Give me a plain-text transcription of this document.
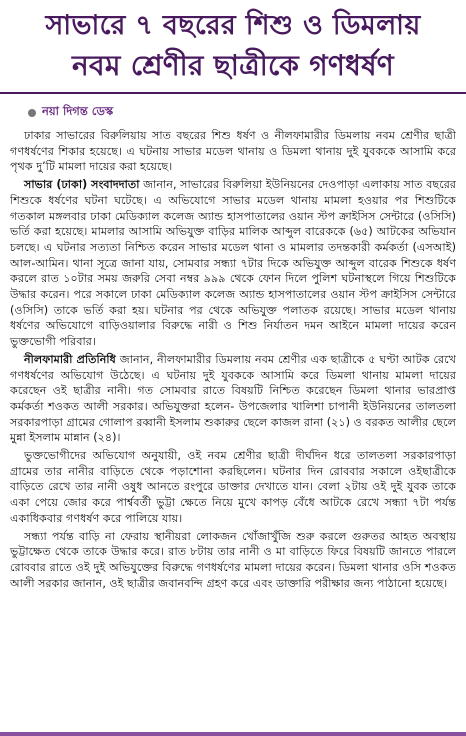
সাভারে ৭ বছরের শিশু ও ডিমলায়
নবম শ্রেণীর ছাত্রীকে গণধর্ষণ
নয়া দিগন্ত ডেস্ক

ঢাকার সাভারের বিরুলিয়ায় সাত বছরের শিশু ধর্ষণ ও নীলফামারীর ডিমলায় নবম শ্রেণীর ছাত্রী গণধর্ষণের শিকার হয়েছে। এ ঘটনায় সাভার মডেল থানায় ও ডিমলা থানায় দুই যুবককে আসামি করে পৃথক দু’টি মামলা দায়ের করা হয়েছে।

সাভার (ঢাকা) সংবাদদাতা জানান, সাভারের বিরুলিয়া ইউনিয়নের দেওপাড়া এলাকায় সাত বছরের শিশুকে ধর্ষণের ঘটনা ঘটেছে। এ অভিযোগে সাভার মডেল থানায় মামলা হওয়ার পর শিশুটিকে গতকাল মঙ্গলবার ঢাকা মেডিক্যাল কলেজ অ্যান্ড হাসপাতালের ওয়ান স্টপ ক্রাইসিস সেন্টারে (ওসিসি) ভর্তি করা হয়েছে। মামলার আসামি অভিযুক্ত বাড়ির মালিক আব্দুল বারেককে (৬৫) আটকের অভিযান চলছে। এ ঘটনার সত্যতা নিশ্চিত করেন সাভার মডেল থানা ও মামলার তদন্তকারী কর্মকর্তা (এসআই) আল-আমিন। থানা সূত্রে জানা যায়, সোমবার সন্ধ্যা ৭টার দিকে অভিযুক্ত আব্দুল বারেক শিশুকে ধর্ষণ করলে রাত ১০টার সময় জরুরি সেবা নম্বর ৯৯৯ থেকে ফোন দিলে পুলিশ ঘটনাস্থলে গিয়ে শিশুটিকে উদ্ধার করেন। পরে সকালে ঢাকা মেডিক্যাল কলেজ অ্যান্ড হাসপাতালের ওয়ান স্টপ ক্রাইসিস সেন্টারে (ওসিসি) তাকে ভর্তি করা হয়। ঘটনার পর থেকে অভিযুক্ত পলাতক রয়েছে। সাভার মডেল থানায় ধর্ষণের অভিযোগে বাড়িওয়ালার বিরুদ্ধে নারী ও শিশু নির্যাতন দমন আইনে মামলা দায়ের করেন ভুক্তভোগী পরিবার।

নীলফামারী প্রতিনিধি জানান, নীলফামারীর ডিমলায় নবম শ্রেণীর এক ছাত্রীকে ৫ ঘণ্টা আটক রেখে গণধর্ষণের অভিযোগ উঠেছে। এ ঘটনায় দুই যুবককে আসামি করে ডিমলা থানায় মামলা দায়ের করেছেন ওই ছাত্রীর নানী। গত সোমবার রাতে বিষয়টি নিশ্চিত করেছেন ডিমলা থানার ভারপ্রাপ্ত কর্মকর্তা শওকত আলী সরকার। অভিযুক্তরা হলেন- উপজেলার খালিশা চাপানী ইউনিয়নের তালতলা সরকারপাড়া গ্রামের গোলাপ রব্বানী ইসলাম শুকারুর ছেলে কাজল রানা (২১) ও বরকত আলীর ছেলে মুন্না ইসলাম মান্নান (২৪)।

ভুক্তভোগীদের অভিযোগ অনুযায়ী, ওই নবম শ্রেণীর ছাত্রী দীর্ঘদিন ধরে তালতলা সরকারপাড়া গ্রামের তার নানীর বাড়িতে থেকে পড়াশোনা করছিলেন। ঘটনার দিন রোববার সকালে ওইছাত্রীকে বাড়িতে রেখে তার নানী ওষুধ আনতে রংপুরে ডাক্তার দেখাতে যান। বেলা ২টায় ওই দুই যুবক তাকে একা পেয়ে জোর করে পার্শ্ববর্তী ভুট্টা ক্ষেতে নিয়ে মুখে কাপড় বেঁধে আটকে রেখে সন্ধ্যা ৭টা পর্যন্ত একাধিকবার গণধর্ষণ করে পালিয়ে যায়।

সন্ধ্যা পর্যন্ত বাড়ি না ফেরায় স্থানীয়রা লোকজন খোঁজাখুঁজি শুরু করলে গুরুতর আহত অবস্থায় ভুট্টাক্ষেত থেকে তাকে উদ্ধার করে। রাত ৮টায় তার নানী ও মা বাড়িতে ফিরে বিষয়টি জানতে পারলে রোববার রাতে ওই দুই অভিযুক্তের বিরুদ্ধে গণধর্ষণের মামলা দায়ের করেন। ডিমলা থানার ওসি শওকত আলী সরকার জানান, ওই ছাত্রীর জবানবন্দি গ্রহণ করে এবং ডাক্তারি পরীক্ষার জন্য পাঠানো হয়েছে।
